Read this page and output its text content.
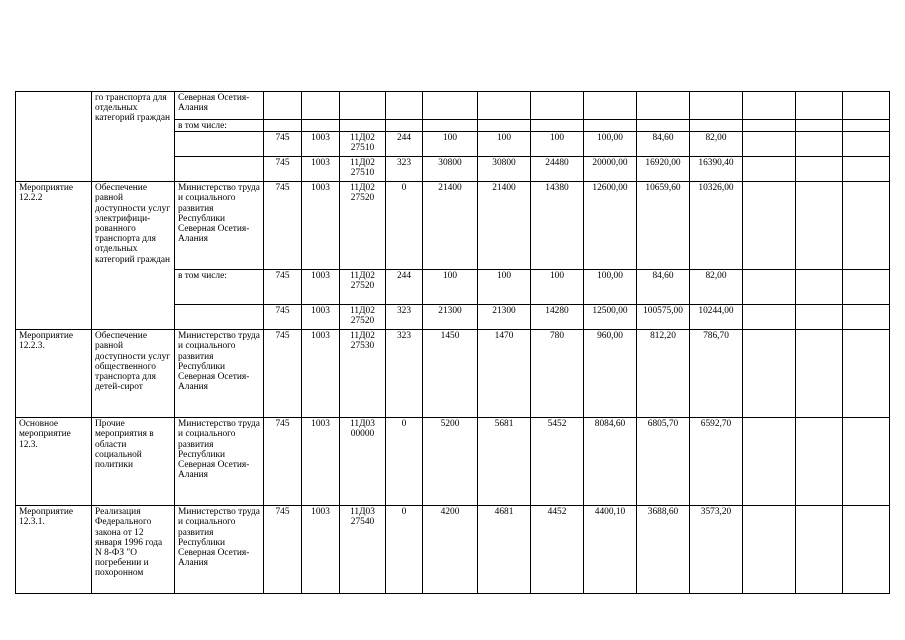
	го транспорта для отдельных категорий граждан	Северная Осетия-Алания													
		в том числе:													
			745	1003	11Д02 27510	244	100	100	100	100,00	84,60	82,00			
			745	1003	11Д02 27510	323	30800	30800	24480	20000,00	16920,00	16390,40			
Мероприятие 12.2.2	Обеспечение равной доступности услуг электрифици-рованного транспорта для отдельных категорий граждан	Министерство труда и социального развития Республики Северная Осетия-Алания	745	1003	11Д02 27520	0	21400	21400	14380	12600,00	10659,60	10326,00			
		в том числе:	745	1003	11Д02 27520	244	100	100	100	100,00	84,60	82,00			
			745	1003	11Д02 27520	323	21300	21300	14280	12500,00	100575,00	10244,00			
Мероприятие 12.2.3.	Обеспечение равной доступности услуг общественного транспорта для детей-сирот	Министерство труда и социального развития Республики Северная Осетия-Алания	745	1003	11Д02 27530	323	1450	1470	780	960,00	812,20	786,70			
Основное мероприятие 12.3.	Прочие мероприятия в области социальной политики	Министерство труда и социального развития Республики Северная Осетия-Алания	745	1003	11Д03 00000	0	5200	5681	5452	8084,60	6805,70	6592,70			
Мероприятие 12.3.1.	Реализация Федерального закона от 12 января 1996 года N 8-ФЗ "О погребении и похоронном	Министерство труда и социального развития Республики Северная Осетия-Алания	745	1003	11Д03 27540	0	4200	4681	4452	4400,10	3688,60	3573,20			
